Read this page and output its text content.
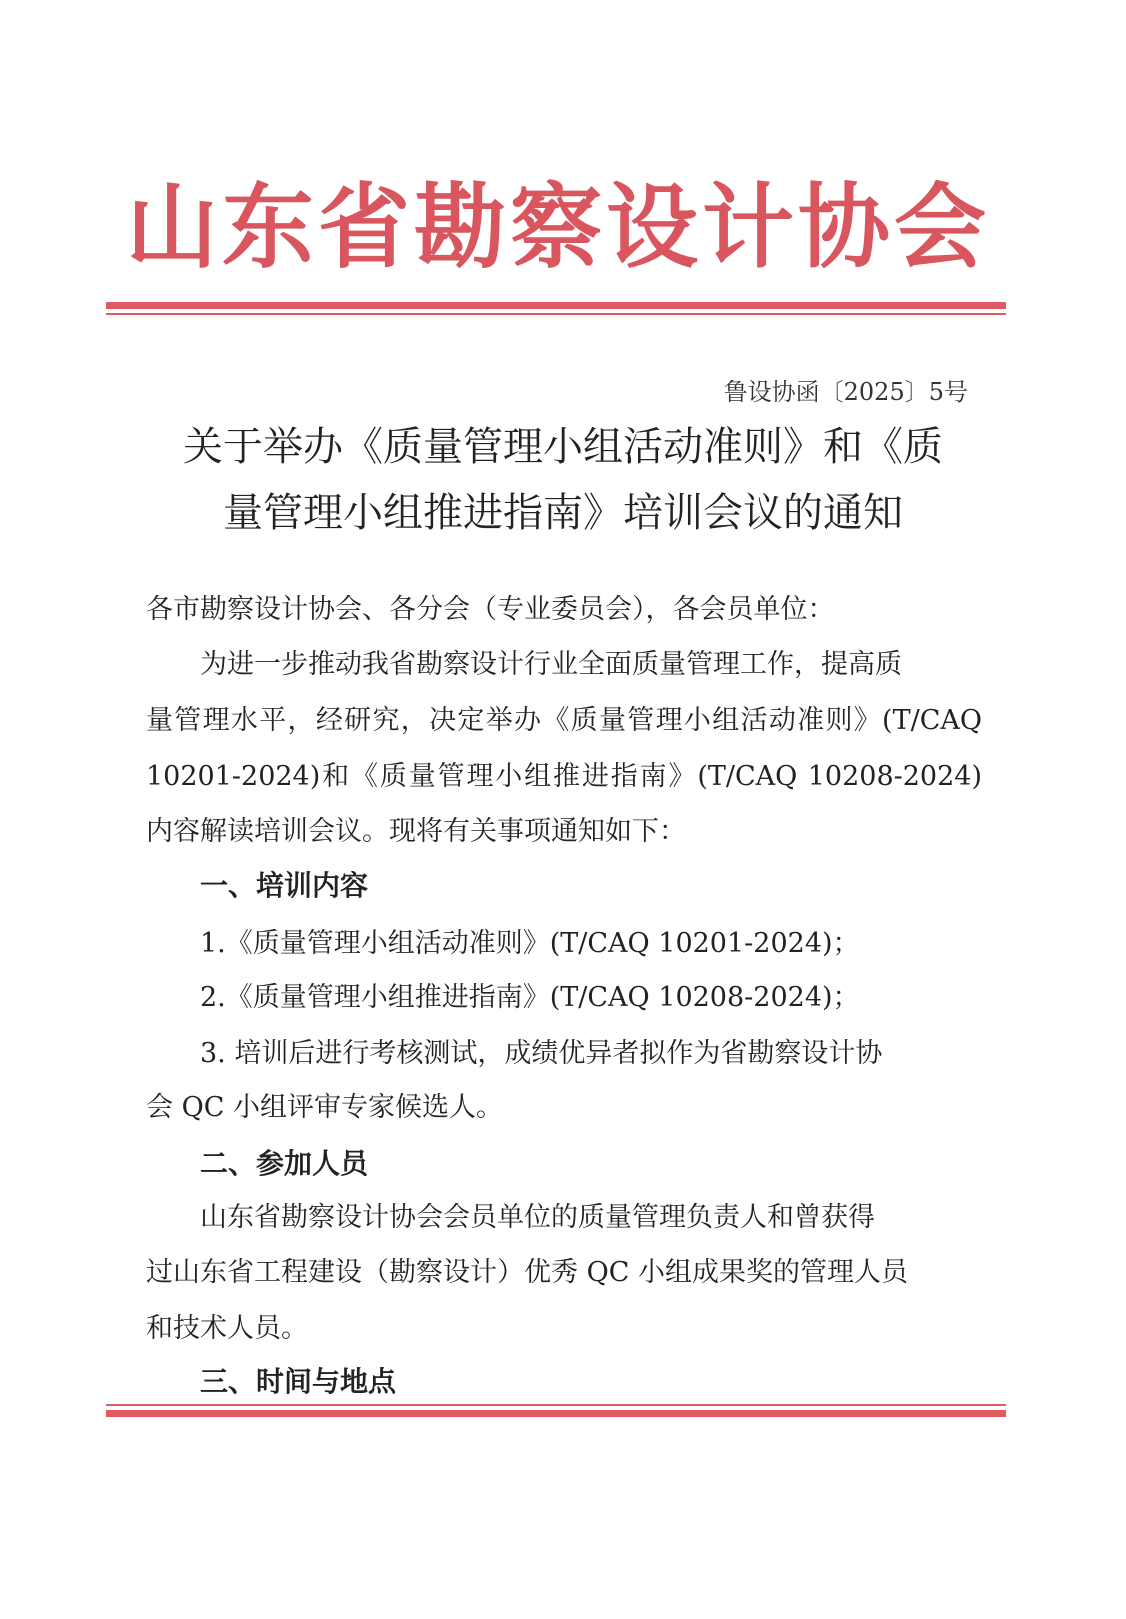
山东省勘察设计协会
鲁设协函〔2025〕5号
关于举办《质量管理小组活动准则》和《质
量管理小组推进指南》培训会议的通知
各市勘察设计协会、各分会（专业委员会），各会员单位：
为进一步推动我省勘察设计行业全面质量管理工作，提高质
量管理水平，经研究，决定举办《质量管理小组活动准则》(T/CAQ
10201-2024)和《质量管理小组推进指南》(T/CAQ 10208-2024)
内容解读培训会议。现将有关事项通知如下：
一、培训内容
1.《质量管理小组活动准则》(T/CAQ 10201-2024)；
2.《质量管理小组推进指南》(T/CAQ 10208-2024)；
3. 培训后进行考核测试，成绩优异者拟作为省勘察设计协
会 QC 小组评审专家候选人。
二、参加人员
山东省勘察设计协会会员单位的质量管理负责人和曾获得
过山东省工程建设（勘察设计）优秀 QC 小组成果奖的管理人员
和技术人员。
三、时间与地点
